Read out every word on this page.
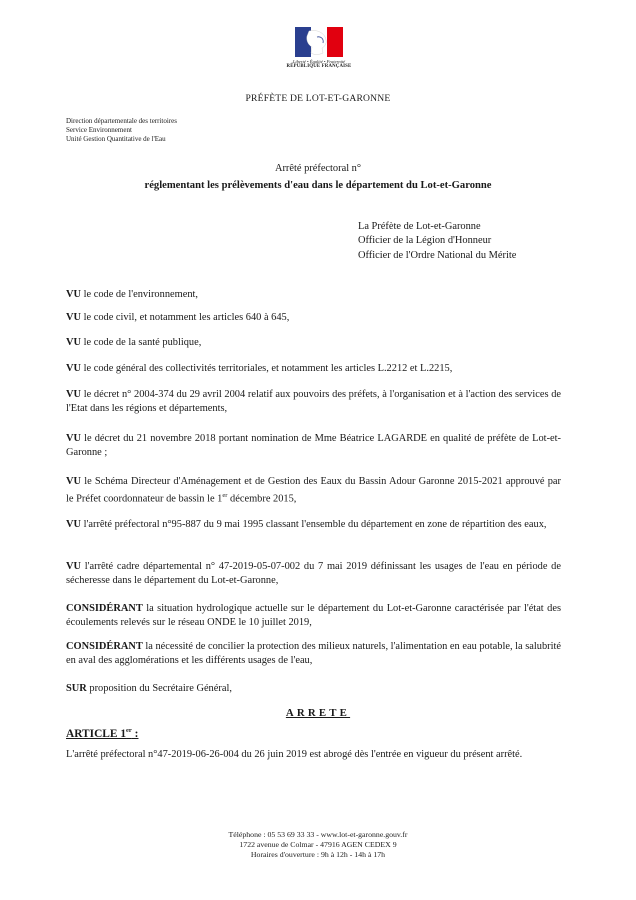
Liberté • Égalité • Fraternité
RÉPUBLIQUE FRANÇAISE
PRÉFÈTE DE LOT-ET-GARONNE
Direction départementale des territoires
Service Environnement
Unité Gestion Quantitative de l'Eau
Arrêté préfectoral n°
réglementant les prélèvements d'eau dans le département du Lot-et-Garonne
La Préfète de Lot-et-Garonne
Officier de la Légion d'Honneur
Officier de l'Ordre National du Mérite
VU le code de l'environnement,
VU le code civil, et notamment les articles 640 à 645,
VU le code de la santé publique,
VU le code général des collectivités territoriales, et notamment les articles L.2212 et L.2215,
VU le décret n° 2004-374 du 29 avril 2004 relatif aux pouvoirs des préfets, à l'organisation et à l'action des services de l'Etat dans les régions et départements,
VU le décret du 21 novembre 2018 portant nomination de Mme Béatrice LAGARDE en qualité de préfète de Lot-et-Garonne ;
VU le Schéma Directeur d'Aménagement et de Gestion des Eaux du Bassin Adour Garonne 2015-2021 approuvé par le Préfet coordonnateur de bassin le 1er décembre 2015,
VU l'arrêté préfectoral n°95-887 du 9 mai 1995 classant l'ensemble du département en zone de répartition des eaux,
VU l'arrêté cadre départemental n° 47-2019-05-07-002 du 7 mai 2019 définissant les usages de l'eau en période de sécheresse dans le département du Lot-et-Garonne,
CONSIDÉRANT la situation hydrologique actuelle sur le département du Lot-et-Garonne caractérisée par l'état des écoulements relevés sur le réseau ONDE le 10 juillet 2019,
CONSIDÉRANT la nécessité de concilier la protection des milieux naturels, l'alimentation en eau potable, la salubrité en aval des agglomérations et les différents usages de l'eau,
SUR proposition du Secrétaire Général,
ARRETE
ARTICLE 1er :
L'arrêté préfectoral n°47-2019-06-26-004 du 26 juin 2019 est abrogé dès l'entrée en vigueur du présent arrêté.
Téléphone : 05 53 69 33 33 - www.lot-et-garonne.gouv.fr
1722 avenue de Colmar - 47916 AGEN CEDEX 9
Horaires d'ouverture : 9h à 12h - 14h à 17h
